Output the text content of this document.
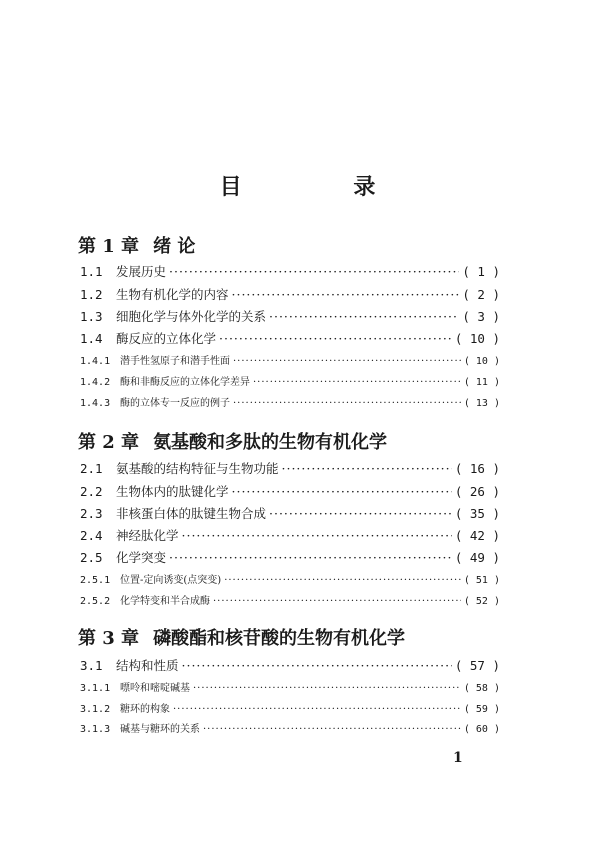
目 录
第 1 章 绪 论
1.1	发展历史 ·····	( 1 )
1.2	生物有机化学的内容 ·····	( 2 )
1.3	细胞化学与体外化学的关系 ·····	( 3 )
1.4	酶反应的立体化学 ·····	( 10 )
1.4.1 潜手性氢原子和潜手性面 ·····	( 10 )
1.4.2 酶和非酶反应的立体化学差异 ·····	( 11 )
1.4.3 酶的立体专一反应的例子 ·····	( 13 )
第 2 章 氨基酸和多肽的生物有机化学
2.1	氨基酸的结构特征与生物功能 ·····	( 16 )
2.2	生物体内的肽键化学 ·····	( 26 )
2.3	非核蛋白体的肽键生物合成 ·····	( 35 )
2.4	神经肽化学 ·····	( 42 )
2.5	化学突变 ·····	( 49 )
2.5.1 位置-定向诱变(点突变) ·····	( 51 )
2.5.2 化学特变和半合成酶 ·····	( 52 )
第 3 章 磷酸酯和核苷酸的生物有机化学
3.1	结构和性质 ·····	( 57 )
3.1.1 嘌呤和嘧啶碱基 ·····	( 58 )
3.1.2 糖环的构象 ·····	( 59 )
3.1.3 碱基与糖环的关系 ·····	( 60 )
1
